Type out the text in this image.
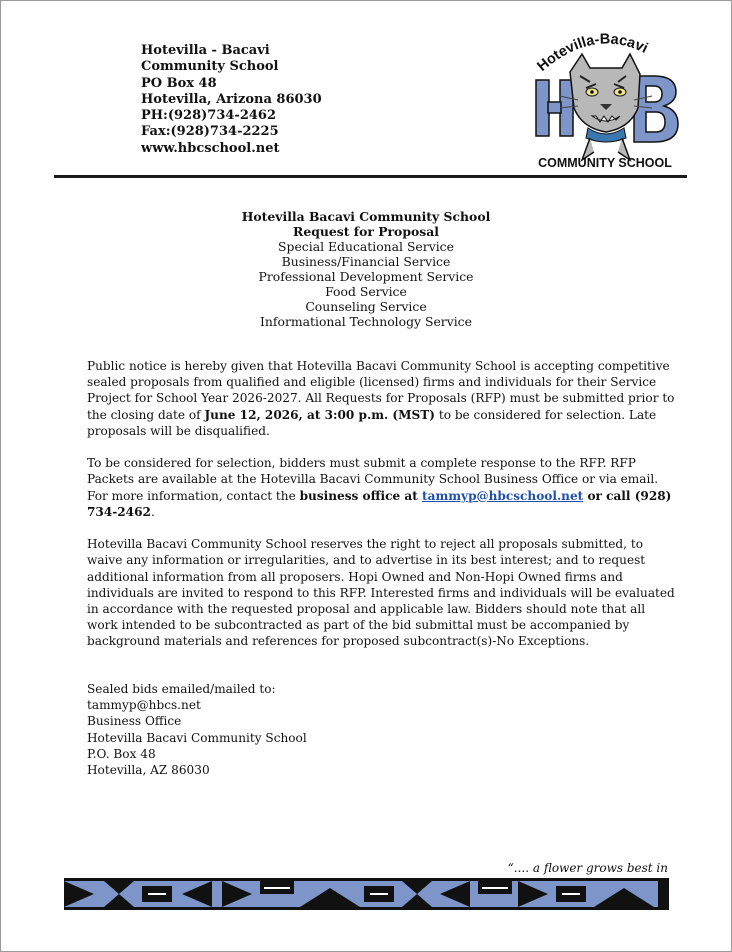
Hotevilla - Bacavi
Community School
PO Box 48
Hotevilla, Arizona 86030
PH:(928)734-2462
Fax:(928)734-2225
www.hbcschool.net
Hotevilla-Bacavi
COMMUNITY SCHOOL
Hotevilla Bacavi Community School
Request for Proposal
Special Educational Service
Business/Financial Service
Professional Development Service
Food Service
Counseling Service
Informational Technology Service

Public notice is hereby given that Hotevilla Bacavi Community School is accepting competitive sealed proposals from qualified and eligible (licensed) firms and individuals for their Service Project for School Year 2026-2027. All Requests for Proposals (RFP) must be submitted prior to the closing date of June 12, 2026, at 3:00 p.m. (MST) to be considered for selection. Late proposals will be disqualified.

To be considered for selection, bidders must submit a complete response to the RFP. RFP Packets are available at the Hotevilla Bacavi Community School Business Office or via email. For more information, contact the business office at tammyp@hbcschool.net or call (928) 734-2462.

Hotevilla Bacavi Community School reserves the right to reject all proposals submitted, to waive any information or irregularities, and to advertise in its best interest; and to request additional information from all proposers. Hopi Owned and Non-Hopi Owned firms and individuals are invited to respond to this RFP. Interested firms and individuals will be evaluated in accordance with the requested proposal and applicable law. Bidders should note that all work intended to be subcontracted as part of the bid submittal must be accompanied by background materials and references for proposed subcontract(s)-No Exceptions.

Sealed bids emailed/mailed to:
tammyp@hbcs.net
Business Office
Hotevilla Bacavi Community School
P.O. Box 48
Hotevilla, AZ 86030
“.... a flower grows best in
